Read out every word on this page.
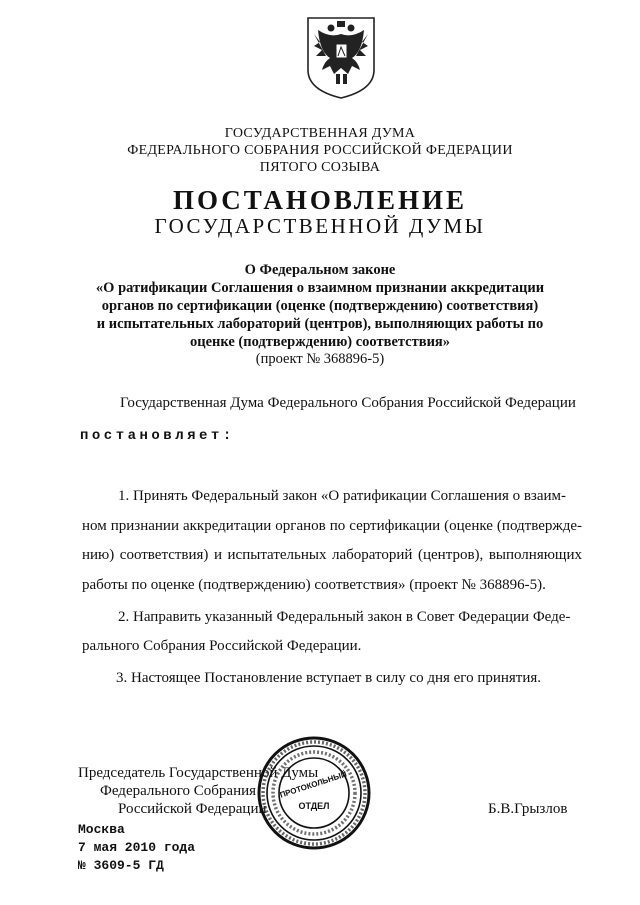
ГОСУДАРСТВЕННАЯ ДУМА
ФЕДЕРАЛЬНОГО СОБРАНИЯ РОССИЙСКОЙ ФЕДЕРАЦИИ
ПЯТОГО СОЗЫВА
ПОСТАНОВЛЕНИЕ
ГОСУДАРСТВЕННОЙ ДУМЫ
О Федеральном законе
«О ратификации Соглашения о взаимном признании аккредитации
органов по сертификации (оценке (подтверждению) соответствия)
и испытательных лабораторий (центров), выполняющих работы по
оценке (подтверждению) соответствия»
(проект № 368896-5)
Государственная Дума Федерального Собрания Российской Федерации
постановляет:
1. Принять Федеральный закон «О ратификации Соглашения о взаим-
ном признании аккредитации органов по сертификации (оценке (подтвержде-
нию) соответствия) и испытательных лабораторий (центров), выполняющих
работы по оценке (подтверждению) соответствия» (проект № 368896-5).
2. Направить указанный Федеральный закон в Совет Федерации Феде-
рального Собрания Российской Федерации.
3. Настоящее Постановление вступает в силу со дня его принятия.
Председатель Государственной Думы
Федерального Собрания
Российской Федерации	Б.В.Грызлов
ПРОТОКОЛЬНЫЙ
ОТДЕЛ
Москва
7 мая 2010 года
№ 3609-5 ГД
